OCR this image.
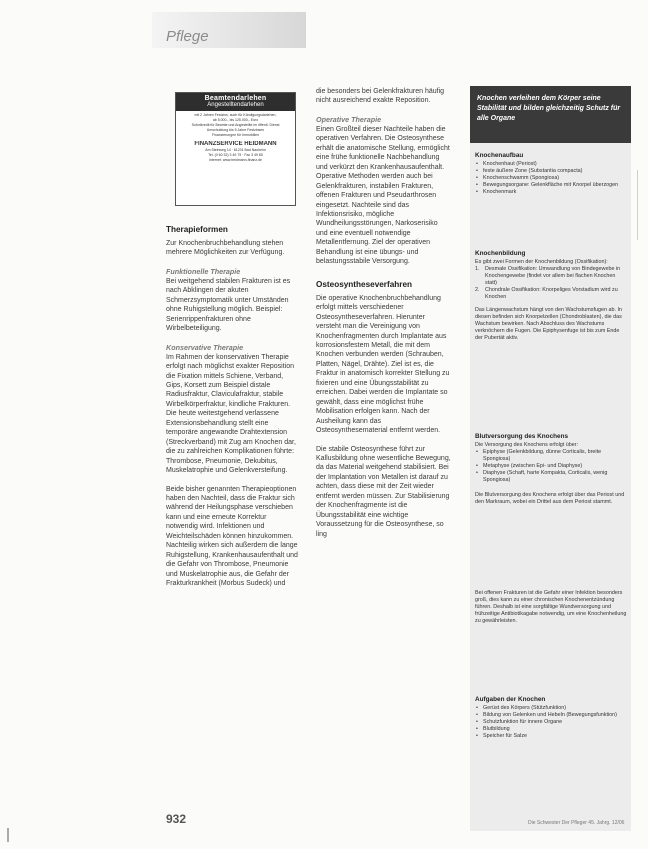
Pflege
Beamtendarlehen
Angestelltendarlehen
mit 2 Jahren Festzins, auch für Kündigungsdarlehen,
ab 5.000,- bis 125.000,- Euro
Sofortkredit für Beamte und Angestellte im öffentl. Dienst
Umschuldung bis 5 Jahre Festzinsen
Finanzierungen für Immobilien
FINANZSERVICE HEIDMANN
Am Steinweg 14 · 61231 Bad Nauheim
Tel. (0 60 32) 3 49 79 · Fax 3 49 80
Internet: www.heidmann-finanz.de
Therapieformen

Zur Knochenbruchbehandlung stehen mehrere Möglichkeiten zur Verfügung.

Funktionelle Therapie

Bei weitgehend stabilen Frakturen ist es nach Abklingen der akuten Schmerzsymptomatik unter Umständen ohne Ruhigstellung möglich. Beispiel: Serienrippenfrakturen ohne Wirbelbeteiligung.

Konservative Therapie

Im Rahmen der konservativen Therapie erfolgt nach möglichst exakter Reposition die Fixation mittels Schiene, Verband, Gips, Korsett zum Beispiel distale Radiusfraktur, Claviculafraktur, stabile Wirbelkörperfraktur, kindliche Frakturen. Die heute weitestgehend verlassene Extensionsbehandlung stellt eine temporäre angewandte Drahtextension (Streckverband) mit Zug am Knochen dar, die zu zahlreichen Komplikationen führte: Thrombose, Pneumonie, Dekubitus, Muskelatrophie und Gelenkversteifung.

Beide bisher genannten Therapieoptionen haben den Nachteil, dass die Fraktur sich während der Heilungsphase verschieben kann und eine erneute Korrektur notwendig wird. Infektionen und Weichteilschäden können hinzukommen. Nachteilig wirken sich außerdem die lange Ruhigstellung, Krankenhausaufenthalt und die Gefahr von Thrombose, Pneumonie und Muskelatrophie aus, die Gefahr der Frakturkrankheit (Morbus Sudeck) und

die besonders bei Gelenkfrakturen häufig nicht ausreichend exakte Reposition.

Operative Therapie

Einen Großteil dieser Nachteile haben die operativen Verfahren. Die Osteosynthese erhält die anatomische Stellung, ermöglicht eine frühe funktionelle Nachbehandlung und verkürzt den Krankenhausaufenthalt. Operative Methoden werden auch bei Gelenkfrakturen, instabilen Frakturen, offenen Frakturen und Pseudarthrosen eingesetzt. Nachteile sind das Infektionsrisiko, mögliche Wundheilungsstörungen, Narkoserisiko und eine eventuell notwendige Metallentfernung. Ziel der operativen Behandlung ist eine übungs- und belastungsstabile Versorgung.

Osteosyntheseverfahren

Die operative Knochenbruchbehandlung erfolgt mittels verschiedener Osteosyntheseverfahren. Hierunter versteht man die Vereinigung von Knochenfragmenten durch Implantate aus korrosionsfestem Metall, die mit dem Knochen verbunden werden (Schrauben, Platten, Nägel, Drähte). Ziel ist es, die Fraktur in anatomisch korrekter Stellung zu fixieren und eine Übungsstabilität zu erreichen. Dabei werden die Implantate so gewählt, dass eine möglichst frühe Mobilisation erfolgen kann. Nach der Ausheilung kann das Osteosynthesematerial entfernt werden.

Die stabile Osteosynthese führt zur Kallusbildung ohne wesentliche Bewegung, da das Material weitgehend stabilisiert. Bei der Implantation von Metallen ist darauf zu achten, dass diese mit der Zeit wieder entfernt werden müssen. Zur Stabilisierung der Knochenfragmente ist die Übungsstabilität eine wichtige Voraussetzung für die Osteosynthese, so ling

Knochen verleihen dem Körper seine Stabilität und bilden gleichzeitig Schutz für alle Organe
Knochenaufbau
• Knochenhaut (Periost)
• feste äußere Zone (Substantia compacta)
• Knochenschwamm (Spongiosa)
• Bewegungsorgane: Gelenkfläche mit Knorpel überzogen
• Knochenmark
Knochenbildung

Es gibt zwei Formen der Knochenbildung (Ossifikation):

1. Desmale Ossifikation: Umwandlung von Bindegewebe in Knochengewebe (findet vor allem bei flachen Knochen statt)
2. Chondrale Ossifikation: Knorpeliges Vorstadium wird zu Knochen

Das Längenwachstum hängt von den Wachstumsfugen ab. In diesen befinden sich Knorpelzellen (Chondroblasten), die das Wachstum bewirken. Nach Abschluss des Wachstums verknöchern die Fugen. Die Epiphysenfuge ist bis zum Ende der Pubertät aktiv.

Blutversorgung des Knochens

Die Versorgung des Knochens erfolgt über:

• Epiphyse (Gelenkbildung, dünne Corticalis, breite Spongiosa)
• Metaphyse (zwischen Epi- und Diaphyse)
• Diaphyse (Schaft, harte Kompakta, Corticalis, wenig Spongiosa)

Die Blutversorgung des Knochens erfolgt über das Periost und den Markraum, wobei ein Drittel aus dem Periost stammt.

Bei offenen Frakturen ist die Gefahr einer Infektion besonders groß, dies kann zu einer chronischen Knochenentzündung führen. Deshalb ist eine sorgfältige Wundversorgung und frühzeitige Antibiotikagabe notwendig, um eine Knochenheilung zu gewährleisten.
Aufgaben der Knochen
• Gerüst des Körpers (Stützfunktion)
• Bildung von Gelenken und Hebeln (Bewegungsfunktion)
• Schutzfunktion für innere Organe
• Blutbildung
• Speicher für Salze
932	Die Schwester Der Pfleger 45. Jahrg. 12/06
